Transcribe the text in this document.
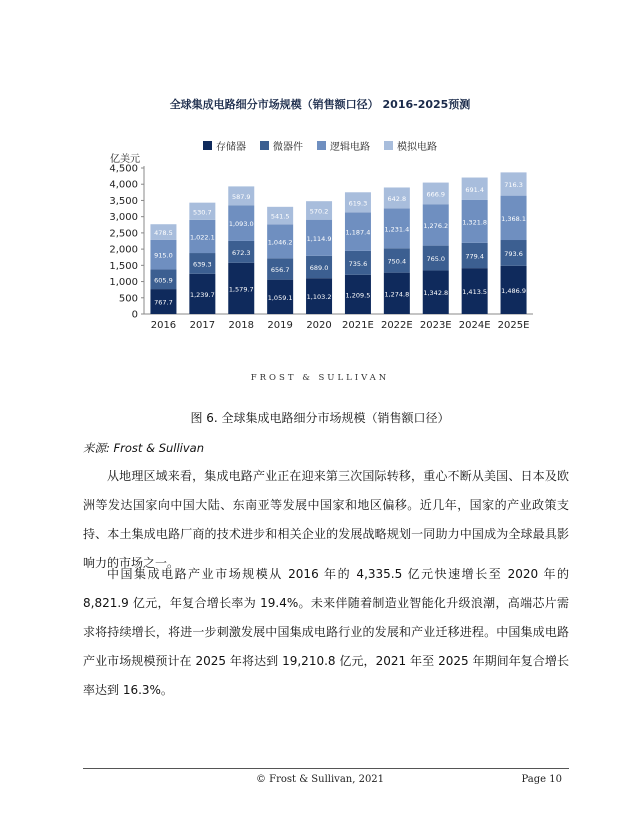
全球集成电路细分市场规模（销售额口径） 2016-2025预测
存储器	微器件	逻辑电路	模拟电路
亿美元
0
500
1,000
1,500
2,000
2,500
3,000
3,500
4,000
4,500
767.7
605.9
915.0
478.5
2016
1,239.7
639.3
1,022.1
530.7
2017
1,579.7
672.3
1,093.0
587.9
2018
1,059.1
656.7
1,046.2
541.5
2019
1,103.2
689.0
1,114.9
570.2
2020
1,209.5
735.6
1,187.4
619.3
2021E
1,274.8
750.4
1,231.4
642.8
2022E
1,342.8
765.0
1,276.2
666.9
2023E
1,413.5
779.4
1,321.8
691.4
2024E
1,486.9
793.6
1,368.1
716.3
2025E
FROST & SULLIVAN
图 6. 全球集成电路细分市场规模（销售额口径）
来源: Frost & Sullivan

从地理区域来看，集成电路产业正在迎来第三次国际转移，重心不断从美国、日本及欧洲等发达国家向中国大陆、东南亚等发展中国家和地区偏移。近几年，国家的产业政策支持、本土集成电路厂商的技术进步和相关企业的发展战略规划一同助力中国成为全球最具影响力的市场之一。

中国集成电路产业市场规模从 2016 年的 4,335.5 亿元快速增长至 2020 年的 8,821.9 亿元，年复合增长率为 19.4%。未来伴随着制造业智能化升级浪潮，高端芯片需求将持续增长，将进一步刺激发展中国集成电路行业的发展和产业迁移进程。中国集成电路产业市场规模预计在 2025 年将达到 19,210.8 亿元，2021 年至 2025 年期间年复合增长率达到 16.3%。

© Frost & Sullivan, 2021	Page 10
